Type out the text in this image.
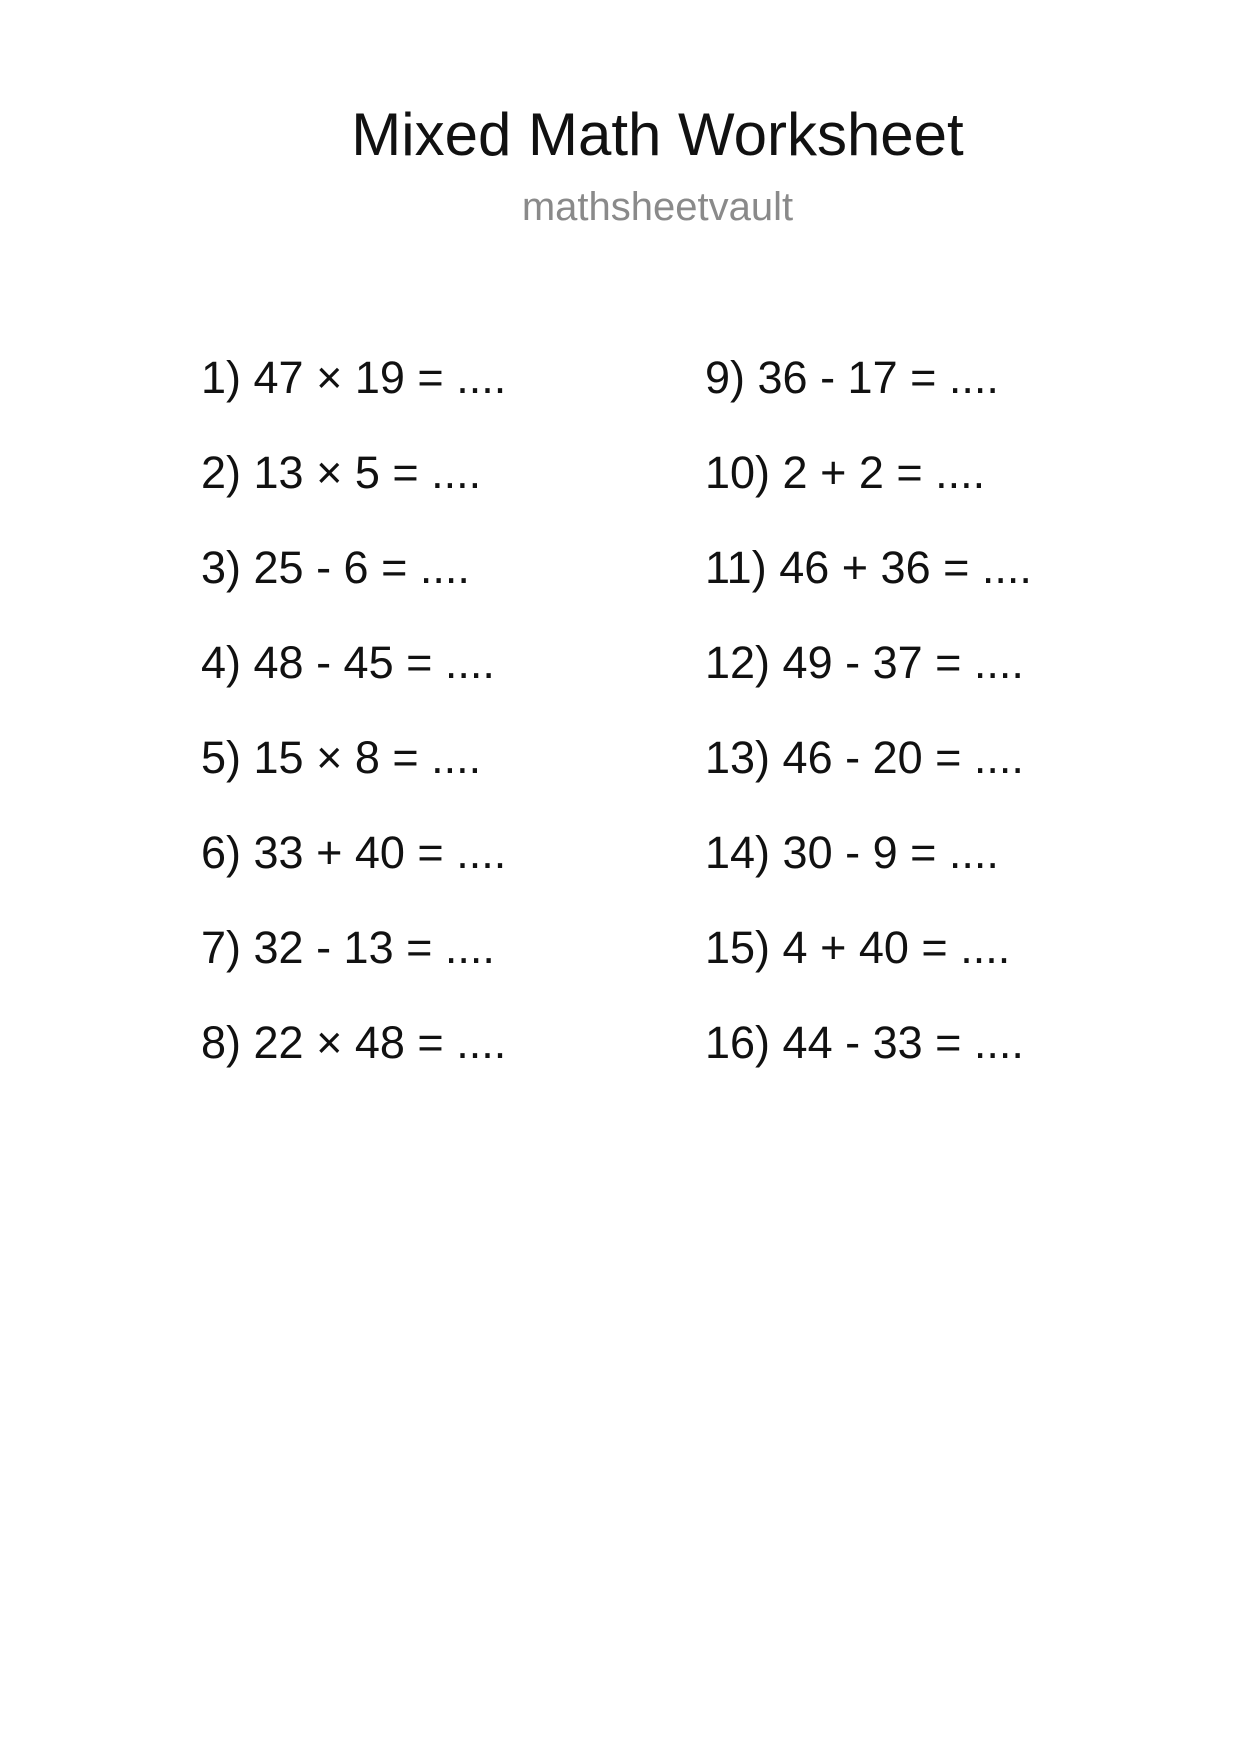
Mixed Math Worksheet
mathsheetvault
1) 47 × 19 = ....
2) 13 × 5 = ....
3) 25 - 6 = ....
4) 48 - 45 = ....
5) 15 × 8 = ....
6) 33 + 40 = ....
7) 32 - 13 = ....
8) 22 × 48 = ....
9) 36 - 17 = ....
10) 2 + 2 = ....
11) 46 + 36 = ....
12) 49 - 37 = ....
13) 46 - 20 = ....
14) 30 - 9 = ....
15) 4 + 40 = ....
16) 44 - 33 = ....
